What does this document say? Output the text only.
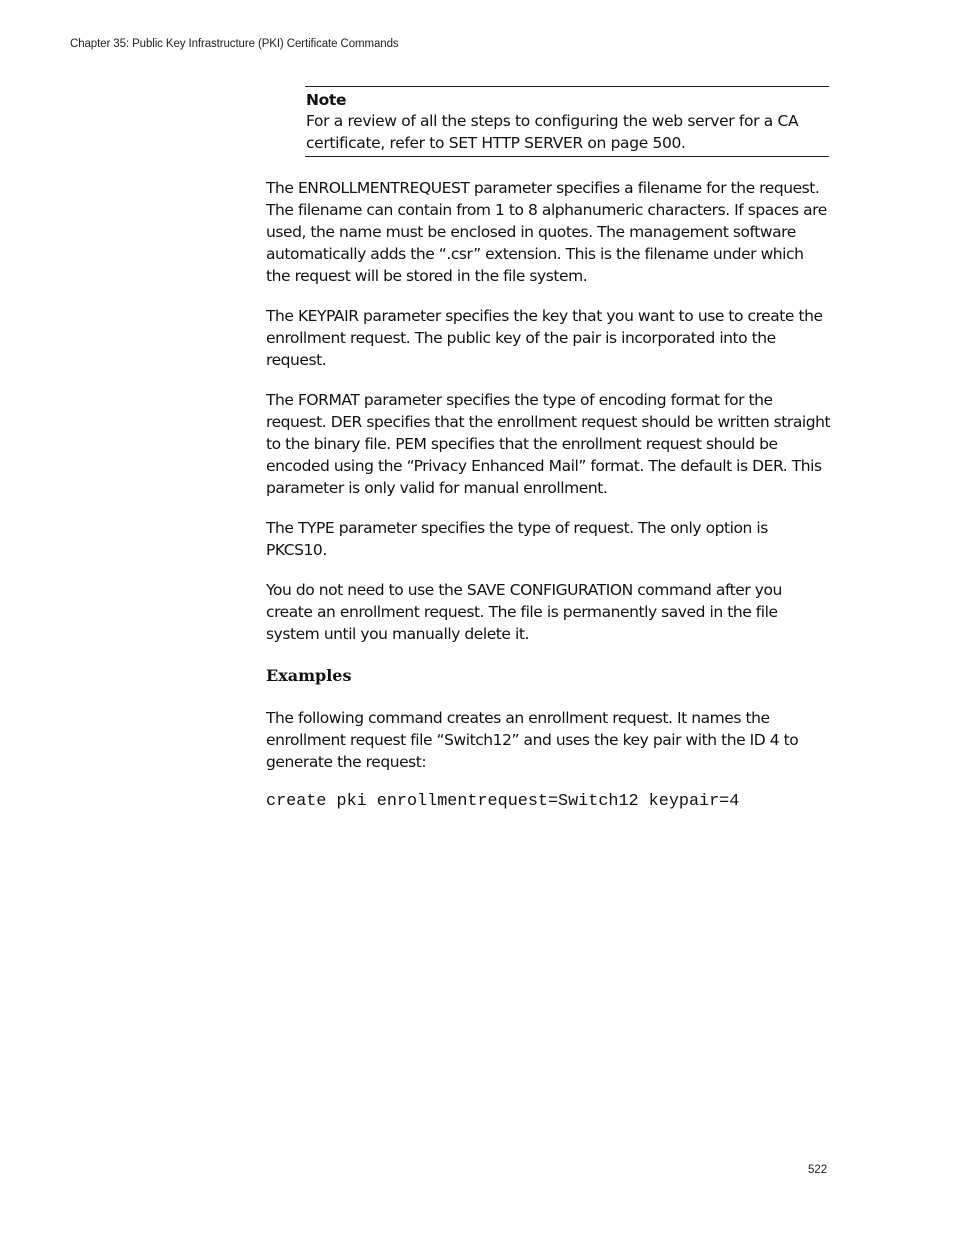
Chapter 35: Public Key Infrastructure (PKI) Certificate Commands
Note
For a review of all the steps to configuring the web server for a CA certificate, refer to SET HTTP SERVER on page 500.

The ENROLLMENTREQUEST parameter specifies a filename for the request. The filename can contain from 1 to 8 alphanumeric characters. If spaces are used, the name must be enclosed in quotes. The management software automatically adds the “.csr” extension. This is the filename under which the request will be stored in the file system.

The KEYPAIR parameter specifies the key that you want to use to create the enrollment request. The public key of the pair is incorporated into the request.

The FORMAT parameter specifies the type of encoding format for the request. DER specifies that the enrollment request should be written straight to the binary file. PEM specifies that the enrollment request should be encoded using the “Privacy Enhanced Mail” format. The default is DER. This parameter is only valid for manual enrollment.

The TYPE parameter specifies the type of request. The only option is PKCS10.

You do not need to use the SAVE CONFIGURATION command after you create an enrollment request. The file is permanently saved in the file system until you manually delete it.

Examples

The following command creates an enrollment request. It names the enrollment request file “Switch12” and uses the key pair with the ID 4 to generate the request:

create pki enrollmentrequest=Switch12 keypair=4
522
